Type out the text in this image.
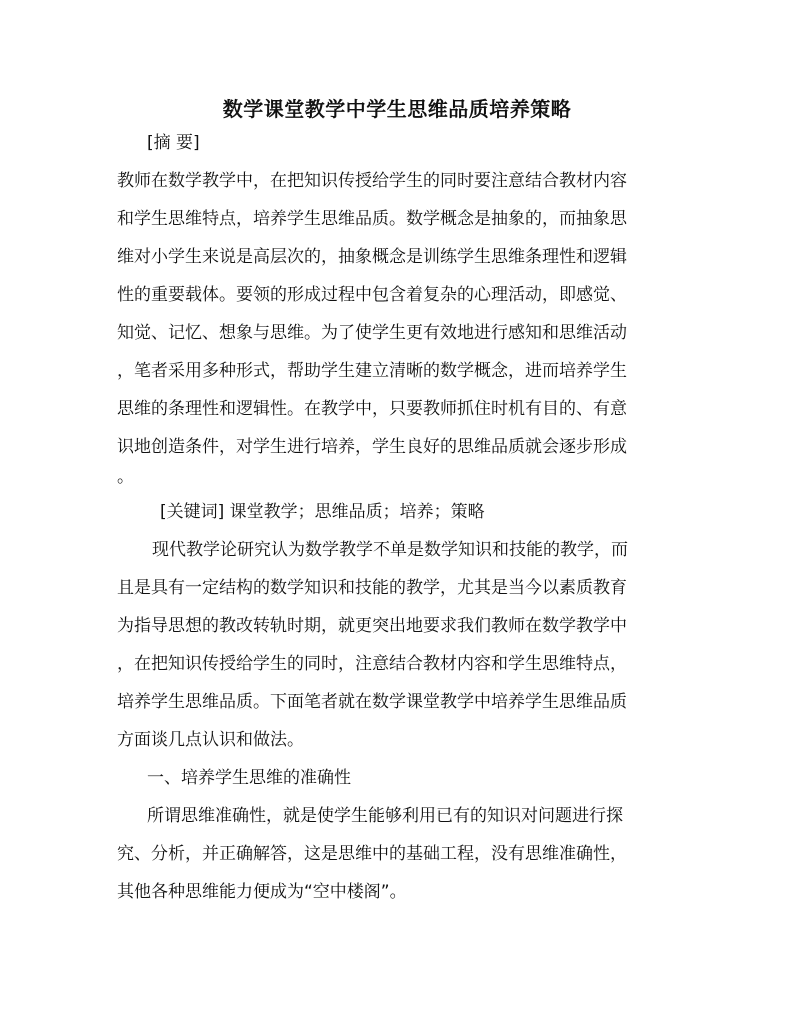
数学课堂教学中学生思维品质培养策略
[摘 要]
教师在数学教学中，在把知识传授给学生的同时要注意结合教材内容
和学生思维特点，培养学生思维品质。数学概念是抽象的，而抽象思
维对小学生来说是高层次的，抽象概念是训练学生思维条理性和逻辑
性的重要载体。要领的形成过程中包含着复杂的心理活动，即感觉、
知觉、记忆、想象与思维。为了使学生更有效地进行感知和思维活动
，笔者采用多种形式，帮助学生建立清晰的数学概念，进而培养学生
思维的条理性和逻辑性。在教学中，只要教师抓住时机有目的、有意
识地创造条件，对学生进行培养，学生良好的思维品质就会逐步形成
。
[关键词] 课堂教学；思维品质；培养；策略
现代教学论研究认为数学教学不单是数学知识和技能的教学，而
且是具有一定结构的数学知识和技能的教学，尤其是当今以素质教育
为指导思想的教改转轨时期，就更突出地要求我们教师在数学教学中
，在把知识传授给学生的同时，注意结合教材内容和学生思维特点，
培养学生思维品质。下面笔者就在数学课堂教学中培养学生思维品质
方面谈几点认识和做法。
一、培养学生思维的准确性
所谓思维准确性，就是使学生能够利用已有的知识对问题进行探
究、分析，并正确解答，这是思维中的基础工程，没有思维准确性，
其他各种思维能力便成为“空中楼阁”。
